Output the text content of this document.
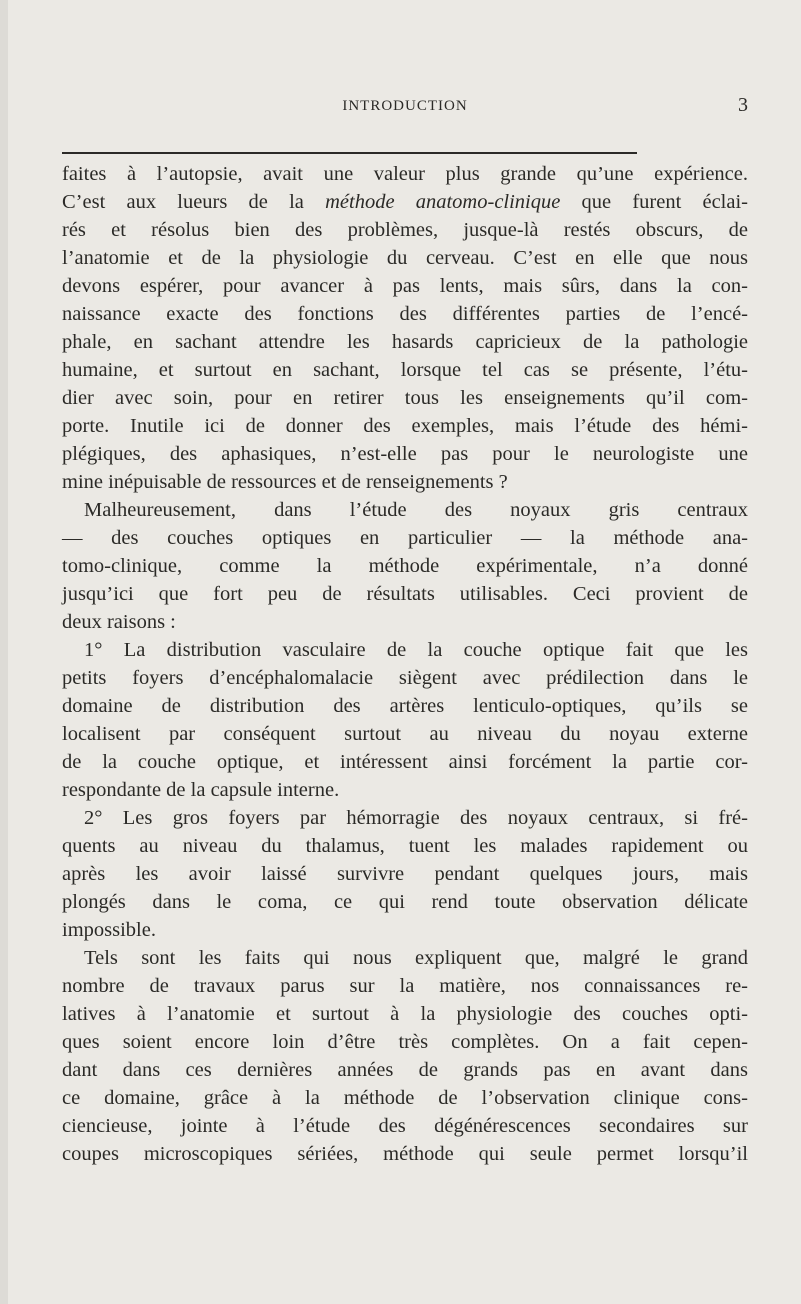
INTRODUCTION	3
faites à l’autopsie, avait une valeur plus grande qu’une expérience.
C’est aux lueurs de la méthode anatomo-clinique que furent éclai-
rés et résolus bien des problèmes, jusque-là restés obscurs, de
l’anatomie et de la physiologie du cerveau. C’est en elle que nous
devons espérer, pour avancer à pas lents, mais sûrs, dans la con-
naissance exacte des fonctions des différentes parties de l’encé-
phale, en sachant attendre les hasards capricieux de la pathologie
humaine, et surtout en sachant, lorsque tel cas se présente, l’étu-
dier avec soin, pour en retirer tous les enseignements qu’il com-
porte. Inutile ici de donner des exemples, mais l’étude des hémi-
plégiques, des aphasiques, n’est-elle pas pour le neurologiste une
mine inépuisable de ressources et de renseignements ?
Malheureusement, dans l’étude des noyaux gris centraux
— des couches optiques en particulier — la méthode ana-
tomo-clinique, comme la méthode expérimentale, n’a donné
jusqu’ici que fort peu de résultats utilisables. Ceci provient de
deux raisons :
1° La distribution vasculaire de la couche optique fait que les
petits foyers d’encéphalomalacie siègent avec prédilection dans le
domaine de distribution des artères lenticulo-optiques, qu’ils se
localisent par conséquent surtout au niveau du noyau externe
de la couche optique, et intéressent ainsi forcément la partie cor-
respondante de la capsule interne.
2° Les gros foyers par hémorragie des noyaux centraux, si fré-
quents au niveau du thalamus, tuent les malades rapidement ou
après les avoir laissé survivre pendant quelques jours, mais
plongés dans le coma, ce qui rend toute observation délicate
impossible.
Tels sont les faits qui nous expliquent que, malgré le grand
nombre de travaux parus sur la matière, nos connaissances re-
latives à l’anatomie et surtout à la physiologie des couches opti-
ques soient encore loin d’être très complètes. On a fait cepen-
dant dans ces dernières années de grands pas en avant dans
ce domaine, grâce à la méthode de l’observation clinique cons-
ciencieuse, jointe à l’étude des dégénérescences secondaires sur
coupes microscopiques sériées, méthode qui seule permet lorsqu’il
